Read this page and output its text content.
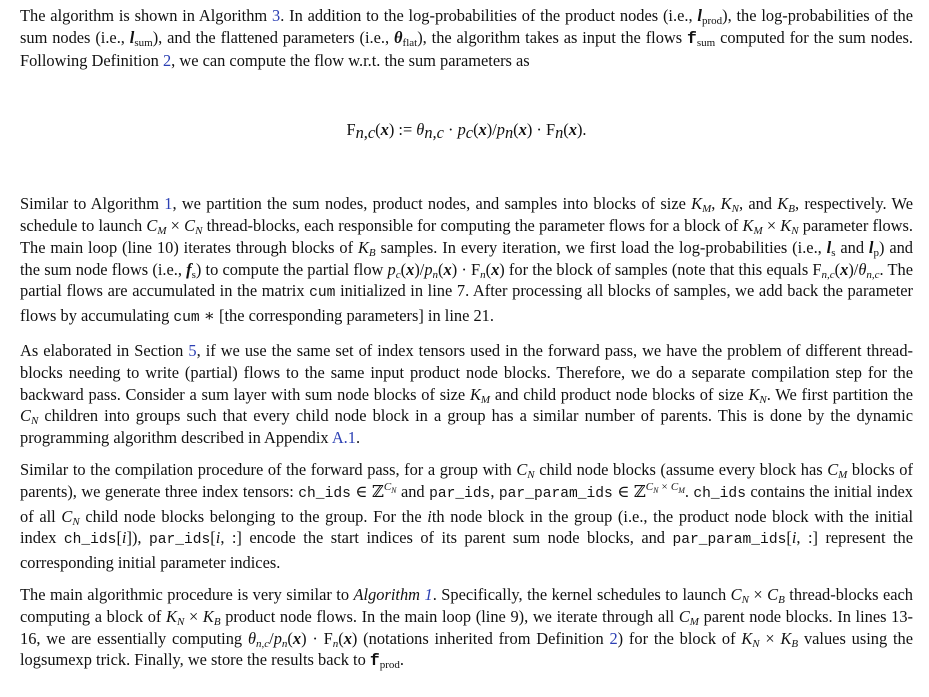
The algorithm is shown in Algorithm 3. In addition to the log-probabilities of the product nodes (i.e., $l_{prod}$), the log-probabilities of the sum nodes (i.e., $l_{sum}$), and the flattened parameters (i.e., $\theta_{flat}$), the algorithm takes as input the flows $f_{sum}$ computed for the sum nodes. Following Definition 2, we can compute the flow w.r.t. the sum parameters as

$F_{n,c}(x)$ := $\theta_{n,c} \cdot p_c(x)/p_n(x) \cdot F_n(x)$.

Similar to Algorithm 1, we partition the sum nodes, product nodes, and samples into blocks of size $K_M$, $K_N$, and $K_B$, respectively. We schedule to launch $C_M \times C_N$ thread-blocks, each responsible for computing the parameter flows for a block of $K_M \times K_N$ parameter flows. The main loop (line 10) iterates through blocks of $K_B$ samples. In every iteration, we first load the log-probabilities (i.e., $l_s$ and $l_p$) and the sum node flows (i.e., $f_s$) to compute the partial flow $p_c(x)/p_n(x) \cdot F_n(x)$ for the block of samples (note that this equals $F_{n,c}(x)/\theta_{n,c}$. The partial flows are accumulated in the matrix cum initialized in line 7. After processing all blocks of samples, we add back the parameter flows by accumulating cum ∗ [the corresponding parameters] in line 21.

As elaborated in Section 5, if we use the same set of index tensors used in the forward pass, we have the problem of different thread-blocks needing to write (partial) flows to the same input product node blocks. Therefore, we do a separate compilation step for the backward pass. Consider a sum layer with sum node blocks of size $K_M$ and child product node blocks of size $K_N$. We first partition the $C_N$ children into groups such that every child node block in a group has a similar number of parents. This is done by the dynamic programming algorithm described in Appendix A.1.

Similar to the compilation procedure of the forward pass, for a group with $C_N$ child node blocks (assume every block has $C_M$ blocks of parents), we generate three index tensors: ch_ids ∈ ℤ$^{C_N}$ and par_ids, par_param_ids ∈ ℤ$^{C_N \times C_M}$. ch_ids contains the initial index of all $C_N$ child node blocks belonging to the group. For the ith node block in the group (i.e., the product node block with the initial index ch_ids[i]), par_ids[i, :] encode the start indices of its parent sum node blocks, and par_param_ids[i, :] represent the corresponding initial parameter indices.

The main algorithmic procedure is very similar to Algorithm 1. Specifically, the kernel schedules to launch $C_N \times C_B$ thread-blocks each computing a block of $K_N \times K_B$ product node flows. In the main loop (line 9), we iterate through all $C_M$ parent node blocks. In lines 13-16, we are essentially computing $\theta_{n,c}/p_n(x) \cdot F_n(x)$ (notations inherited from Definition 2) for the block of $K_N \times K_B$ values using the logsumexp trick. Finally, we store the results back to $f_{prod}$.
